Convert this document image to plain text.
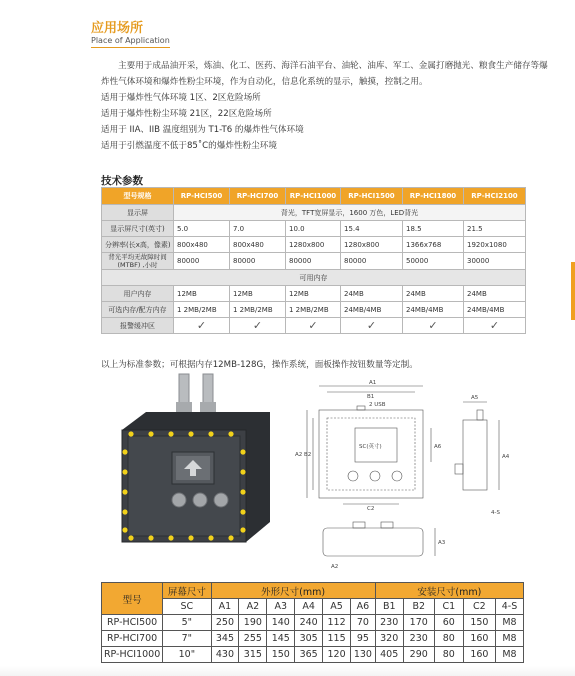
应用场所
Place of Application

主要用于成品油开采，炼油、化工、医药、海洋石油平台、油轮、油库、军工、金属打磨抛光、粮食生产储存等爆炸性气体环境和爆炸性粉尘环境，作为自动化，信息化系统的显示，触摸，控制之用。

适用于爆炸性气体环境 1区、2区危险场所

适用于爆炸性粉尘环境 21区，22区危险场所

适用于 IIA、IIB 温度组别为 T1-T6 的爆炸性气体环境

适用于引燃温度不低于85˚C的爆炸性粉尘环境

技术参数
型号规格	RP-HCI500	RP-HCI700	RP-HCI1000	RP-HCI1500	RP-HCI1800	RP-HCI2100
显示屏	背光，TFT宽屏显示，1600 万色，LED背光					
显示屏尺寸(英寸)	5.0	7.0	10.0	15.4	18.5	21.5
分辨率(长x高，像素)	800x480	800x480	1280x800	1280x800	1366x768	1920x1080
背光平均无故障时间 (MTBF) ,小时	80000	80000	80000	80000	50000	30000
可用内存						
用户内存	12MB	12MB	12MB	24MB	24MB	24MB
可选内存/配方内存	1 2MB/2MB	1 2MB/2MB	1 2MB/2MB	24MB/4MB	24MB/4MB	24MB/4MB
报警缓冲区	✓	✓	✓	✓	✓	✓
以上为标准参数；可根据内存12MB-128G，操作系统，面板操作按钮数量等定制。
A1
B1
A2 B2
C2
A6
2 USB
SC(英寸)
A5
A4
4-S
A3
A2
型号	屏幕尺寸	外形尺寸(mm)						安装尺寸(mm)				
	SC	A1	A2	A3	A4	A5	A6	B1	B2	C1	C2	4-S
RP-HCI500	5"	250	190	140	240	112	70	230	170	60	150	M8
RP-HCI700	7"	345	255	145	305	115	95	320	230	80	160	M8
RP-HCI1000	10"	430	315	150	365	120	130	405	290	80	160	M8
